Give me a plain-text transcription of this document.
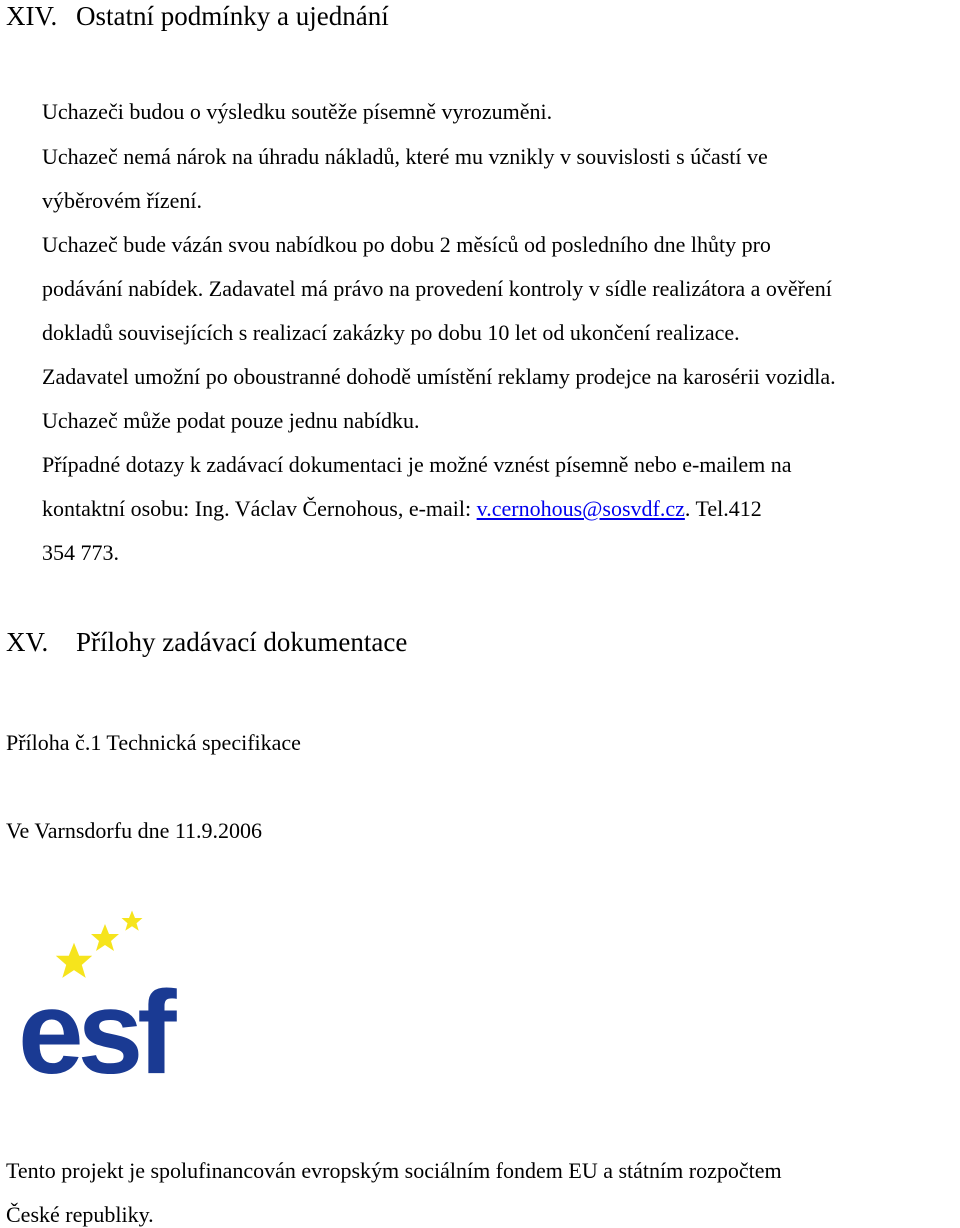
XIV. Ostatní podmínky a ujednání
Uchazeči budou o výsledku soutěže písemně vyrozuměni.
Uchazeč nemá nárok na úhradu nákladů, které mu vznikly v souvislosti s účastí ve
výběrovém řízení.
Uchazeč bude vázán svou nabídkou po dobu 2 měsíců od posledního dne lhůty pro
podávání nabídek. Zadavatel má právo na provedení kontroly v sídle realizátora a ověření
dokladů souvisejících s realizací zakázky po dobu 10 let od ukončení realizace.
Zadavatel umožní po oboustranné dohodě umístění reklamy prodejce na karosérii vozidla.
Uchazeč může podat pouze jednu nabídku.
Případné dotazy k zadávací dokumentaci je možné vznést písemně nebo e-mailem na
kontaktní osobu: Ing. Václav Černohous, e-mail: v.cernohous@sosvdf.cz. Tel.412
354 773.
XV. Přílohy zadávací dokumentace
Příloha č.1 Technická specifikace
Ve Varnsdorfu dne 11.9.2006
esf
Tento projekt je spolufinancován evropským sociálním fondem EU a státním rozpočtem
České republiky.
